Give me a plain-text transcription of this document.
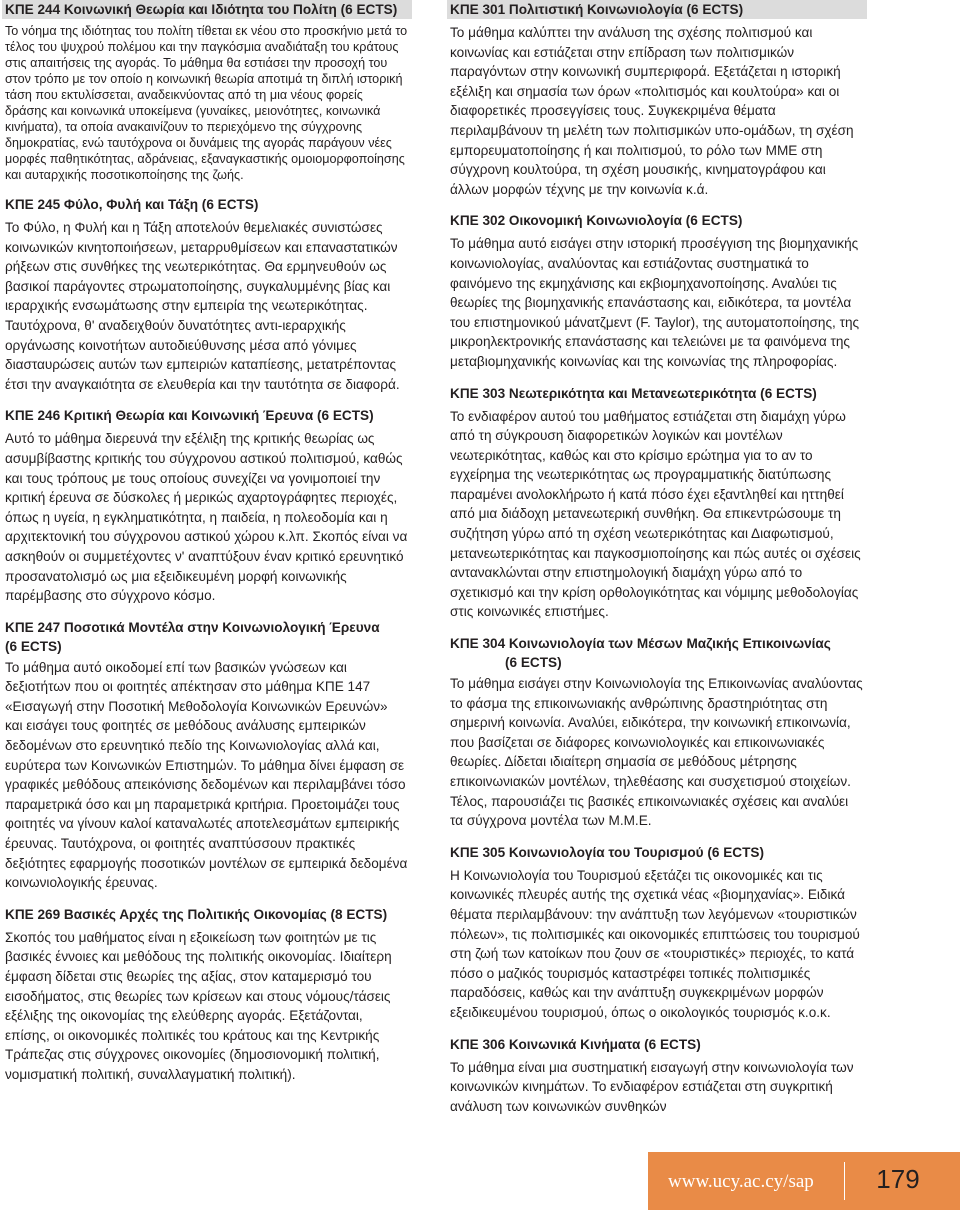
ΚΠΕ 244 Κοινωνική Θεωρία και Ιδιότητα του Πολίτη (6 ECTS)

Το νόημα της ιδιότητας του πολίτη τίθεται εκ νέου στο προσκήνιο μετά το τέλος του ψυχρού πολέμου και την παγκόσμια αναδιάταξη του κράτους στις απαιτήσεις της αγοράς. Το μάθημα θα εστιάσει την προσοχή του στον τρόπο με τον οποίο η κοινωνική θεωρία αποτιμά τη διπλή ιστορική τάση που εκτυλίσσεται, αναδεικνύοντας από τη μια νέους φορείς δράσης και κοινωνικά υποκείμενα (γυναίκες, μειονότητες, κοινωνικά κινήματα), τα οποία ανακαινίζουν το περιεχόμενο της σύγχρονης δημοκρατίας, ενώ ταυτόχρονα οι δυνάμεις της αγοράς παράγουν νέες μορφές παθητικότητας, αδράνειας, εξαναγκαστικής ομοιομορφοποίησης και αυταρχικής ποσοτικοποίησης της ζωής.

ΚΠΕ 245 Φύλο, Φυλή και Τάξη (6 ECTS)

Το Φύλο, η Φυλή και η Τάξη αποτελούν θεμελιακές συνιστώσες κοινωνικών κινητοποιήσεων, μεταρρυθμίσεων και επαναστατικών ρήξεων στις συνθήκες της νεωτερικότητας. Θα ερμηνευθούν ως βασικοί παράγοντες στρωματοποίησης, συγκαλυμμένης βίας και ιεραρχικής ενσωμάτωσης στην εμπειρία της νεωτερικότητας. Ταυτόχρονα, θ' αναδειχθούν δυνατότητες αντι-ιεραρχικής οργάνωσης κοινοτήτων αυτοδιεύθυνσης μέσα από γόνιμες διασταυρώσεις αυτών των εμπειριών καταπίεσης, μετατρέποντας έτσι την αναγκαιότητα σε ελευθερία και την ταυτότητα σε διαφορά.

ΚΠΕ 246 Κριτική Θεωρία και Κοινωνική Έρευνα (6 ECTS)

Αυτό το μάθημα διερευνά την εξέλιξη της κριτικής θεωρίας ως ασυμβίβαστης κριτικής του σύγχρονου αστικού πολιτισμού, καθώς και τους τρόπους με τους οποίους συνεχίζει να γονιμοποιεί την κριτική έρευνα σε δύσκολες ή μερικώς αχαρτογράφητες περιοχές, όπως η υγεία, η εγκληματικότητα, η παιδεία, η πολεοδομία και η αρχιτεκτονική του σύγχρονου αστικού χώρου κ.λπ. Σκοπός είναι να ασκηθούν οι συμμετέχοντες ν' αναπτύξουν έναν κριτικό ερευνητικό προσανατολισμό ως μια εξειδικευμένη μορφή κοινωνικής παρέμβασης στο σύγχρονο κόσμο.

ΚΠΕ 247 Ποσοτικά Μοντέλα στην Κοινωνιολογική Έρευνα
(6 ECTS)

Το μάθημα αυτό οικοδομεί επί των βασικών γνώσεων και δεξιοτήτων που οι φοιτητές απέκτησαν στο μάθημα ΚΠΕ 147 «Εισαγωγή στην Ποσοτική Μεθοδολογία Κοινωνικών Ερευνών» και εισάγει τους φοιτητές σε μεθόδους ανάλυσης εμπειρικών δεδομένων στο ερευνητικό πεδίο της Κοινωνιολογίας αλλά και, ευρύτερα των Κοινωνικών Επιστημών. Το μάθημα δίνει έμφαση σε γραφικές μεθόδους απεικόνισης δεδομένων και περιλαμβάνει τόσο παραμετρικά όσο και μη παραμετρικά κριτήρια. Προετοιμάζει τους φοιτητές να γίνουν καλοί καταναλωτές αποτελεσμάτων εμπειρικής έρευνας. Ταυτόχρονα, οι φοιτητές αναπτύσσουν πρακτικές δεξιότητες εφαρμογής ποσοτικών μοντέλων σε εμπειρικά δεδομένα κοινωνιολογικής έρευνας.

ΚΠΕ 269 Βασικές Αρχές της Πολιτικής Οικονομίας (8 ECTS)

Σκοπός του μαθήματος είναι η εξοικείωση των φοιτητών με τις βασικές έννοιες και μεθόδους της πολιτικής οικονομίας. Ιδιαίτερη έμφαση δίδεται στις θεωρίες της αξίας, στον καταμερισμό του εισοδήματος, στις θεωρίες των κρίσεων και στους νόμους/τάσεις εξέλιξης της οικονομίας της ελεύθερης αγοράς. Εξετάζονται, επίσης, οι οικονομικές πολιτικές του κράτους και της Κεντρικής Τράπεζας στις σύγχρονες οικονομίες (δημοσιονομική πολιτική, νομισματική πολιτική, συναλλαγματική πολιτική).

ΚΠΕ 301 Πολιτιστική Κοινωνιολογία (6 ECTS)

Το μάθημα καλύπτει την ανάλυση της σχέσης πολιτισμού και κοινωνίας και εστιάζεται στην επίδραση των πολιτισμικών παραγόντων στην κοινωνική συμπεριφορά. Εξετάζεται η ιστορική εξέλιξη και σημασία των όρων «πολιτισμός και κουλτούρα» και οι διαφορετικές προσεγγίσεις τους. Συγκεκριμένα θέματα περιλαμβάνουν τη μελέτη των πολιτισμικών υπο-ομάδων, τη σχέση εμπορευματοποίησης ή και πολιτισμού, το ρόλο των ΜΜΕ στη σύγχρονη κουλτούρα, τη σχέση μουσικής, κινηματογράφου και άλλων μορφών τέχνης με την κοινωνία κ.ά.

ΚΠΕ 302 Οικονομική Κοινωνιολογία (6 ECTS)

Το μάθημα αυτό εισάγει στην ιστορική προσέγγιση της βιομηχανικής κοινωνιολογίας, αναλύοντας και εστιάζοντας συστηματικά το φαινόμενο της εκμηχάνισης και εκβιομηχανοποίησης. Αναλύει τις θεωρίες της βιομηχανικής επανάστασης και, ειδικότερα, τα μοντέλα του επιστημονικού μάνατζμεντ (F. Taylor), της αυτοματοποίησης, της μικροηλεκτρονικής επανάστασης και τελειώνει με τα φαινόμενα της μεταβιομηχανικής κοινωνίας και της κοινωνίας της πληροφορίας.

ΚΠΕ 303 Νεωτερικότητα και Μετανεωτερικότητα (6 ECTS)

Το ενδιαφέρον αυτού του μαθήματος εστιάζεται στη διαμάχη γύρω από τη σύγκρουση διαφορετικών λογικών και μοντέλων νεωτερικότητας, καθώς και στο κρίσιμο ερώτημα για το αν το εγχείρημα της νεωτερικότητας ως προγραμματικής διατύπωσης παραμένει ανολοκλήρωτο ή κατά πόσο έχει εξαντληθεί και ηττηθεί από μια διάδοχη μετανεωτερική συνθήκη. Θα επικεντρώσουμε τη συζήτηση γύρω από τη σχέση νεωτερικότητας και Διαφωτισμού, μετανεωτερικότητας και παγκοσμιοποίησης και πώς αυτές οι σχέσεις αντανακλώνται στην επιστημολογική διαμάχη γύρω από το σχετικισμό και την κρίση ορθολογικότητας και νόμιμης μεθοδολογίας στις κοινωνικές επιστήμες.

ΚΠΕ 304 Κοινωνιολογία των Μέσων Μαζικής Επικοινωνίας
(6 ECTS)

Το μάθημα εισάγει στην Κοινωνιολογία της Επικοινωνίας αναλύοντας το φάσμα της επικοινωνιακής ανθρώπινης δραστηριότητας στη σημερινή κοινωνία. Αναλύει, ειδικότερα, την κοινωνική επικοινωνία, που βασίζεται σε διάφορες κοινωνιολογικές και επικοινωνιακές θεωρίες. Δίδεται ιδιαίτερη σημασία σε μεθόδους μέτρησης επικοινωνιακών μοντέλων, τηλεθέασης και συσχετισμού στοιχείων. Τέλος, παρουσιάζει τις βασικές επικοινωνιακές σχέσεις και αναλύει τα σύγχρονα μοντέλα των Μ.Μ.Ε.

ΚΠΕ 305 Κοινωνιολογία του Τουρισμού (6 ECTS)

Η Κοινωνιολογία του Τουρισμού εξετάζει τις οικονομικές και τις κοινωνικές πλευρές αυτής της σχετικά νέας «βιομηχανίας». Ειδικά θέματα περιλαμβάνουν: την ανάπτυξη των λεγόμενων «τουριστικών πόλεων», τις πολιτισμικές και οικονομικές επιπτώσεις του τουρισμού στη ζωή των κατοίκων που ζουν σε «τουριστικές» περιοχές, το κατά πόσο ο μαζικός τουρισμός καταστρέφει τοπικές πολιτισμικές παραδόσεις, καθώς και την ανάπτυξη συγκεκριμένων μορφών εξειδικευμένου τουρισμού, όπως ο οικολογικός τουρισμός κ.ο.κ.

ΚΠΕ 306 Κοινωνικά Κινήματα (6 ECTS)

Το μάθημα είναι μια συστηματική εισαγωγή στην κοινωνιολογία των κοινωνικών κινημάτων. Το ενδιαφέρον εστιάζεται στη συγκριτική ανάλυση των κοινωνικών συνθηκών

www.ucy.ac.cy/sap	179
